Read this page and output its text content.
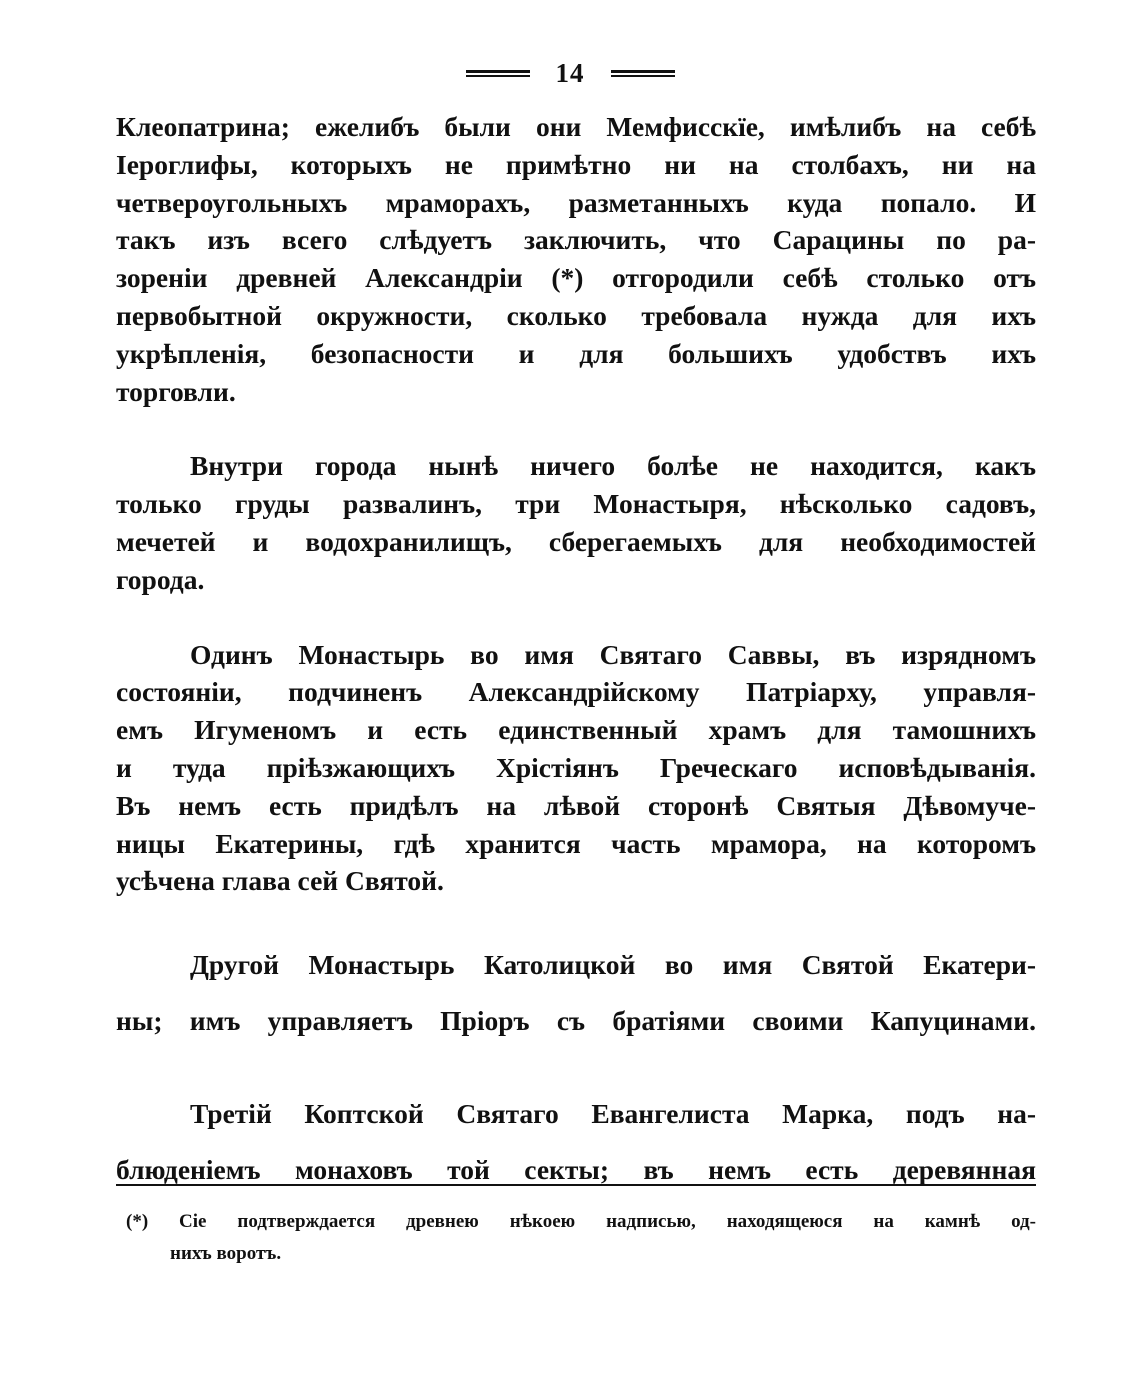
14

Клеопатрина; ежелибъ были они Мемфисскїе, имѣлибъ на себѣ
Iероглифы, которыхъ не примѣтно ни на столбахъ, ни на
четвероугольныхъ мраморахъ, разметанныхъ куда попало. И
такъ изъ всего слѣдуетъ заключить, что Сарацины по ра-
зоренiи древней Александрiи (*) отгородили себѣ столько отъ
первобытной окружности, сколько требовала нужда для ихъ
укрѣпленiя, безопасности и для большихъ удобствъ ихъ
торговли.

Внутри города нынѣ ничего болѣе не находится, какъ
только груды развалинъ, три Монастыря, нѣсколько садовъ,
мечетей и водохранилищъ, сберегаемыхъ для необходимостей
города.

Одинъ Монастырь во имя Святаго Саввы, въ изрядномъ
состоянiи, подчиненъ Александрiйскому Патрiарху, управля-
емъ Игуменомъ и есть единственный храмъ для тамошнихъ
и туда прiѣзжающихъ Хрiстiянъ Греческаго исповѣдыванiя.
Въ немъ есть придѣлъ на лѣвой сторонѣ Святыя Дѣвомуче-
ницы Екатерины, гдѣ хранится часть мрамора, на которомъ
усѣчена глава сей Святой.

Другой Монастырь Католицкой во имя Святой Екатери-
ны; имъ управляетъ Прiоръ съ братiями своими Капуцинами.

Третiй Коптской Святаго Евангелиста Марка, подъ на-
блюденiемъ монаховъ той секты; въ немъ есть деревянная

(*) Сiе подтверждается древнею нѣкоею надписью, находящеюся на камнѣ од-
нихъ воротъ.
